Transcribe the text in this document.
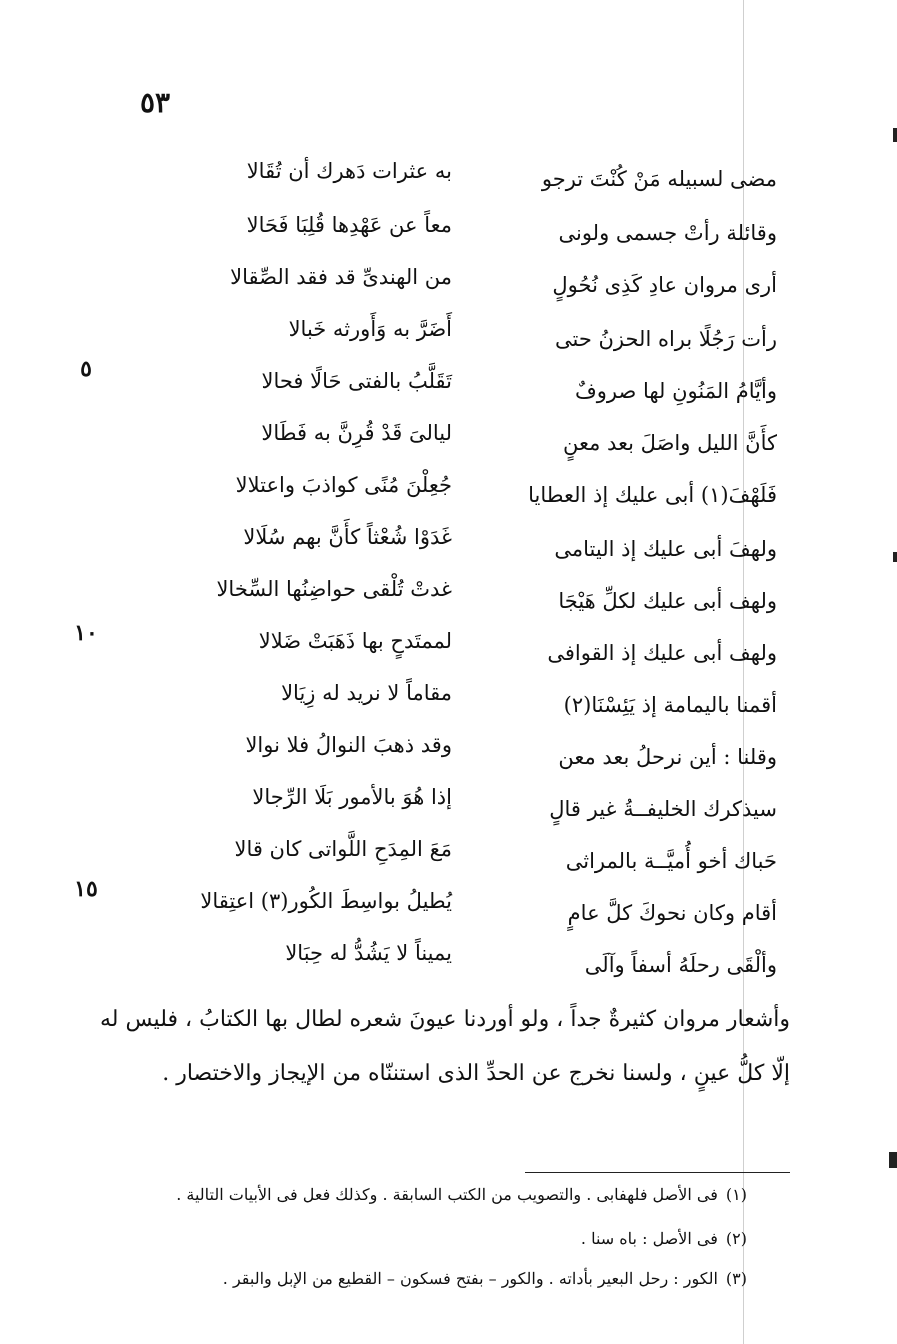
٥٣
٥
١٠
١٥
مضى لسبيله مَنْ كُنْتَ ترجو
به عثرات دَهرك أن تُقَالا
وقائلة رأتْ جسمى ولونى
معاً عن عَهْدِها قُلِبَا فَحَالا
أرى مروان عادِ كَذِى نُحُولٍ
من الهندىِّ قد فقد الصِّقالا
رأت رَجُلًا براه الحزنُ حتى
أَضَرَّ به وَأَورثه خَبالا
وأيَّامُ المَنُونِ لها صروفٌ
تَقَلَّبُ بالفتى حَالًا فحالا
كأَنَّ الليل واصَلَ بعد معنٍ
ليالىَ قَدْ قُرِنَّ به فَطَالا
فَلَهْفَ(١) أبى عليك إذ العطايا
جُعِلْنَ مُنًى كواذبَ واعتلالا
ولهفَ أبى عليك إذ اليتامى
غَدَوْا شُعْثاً كأَنَّ بهم سُلَالا
ولهف أبى عليك لكلِّ هَيْجَا
غدتْ تُلْقى حواضِنُها السِّخالا
ولهف أبى عليك إذ القوافى
لممتَدحٍ بها ذَهَبَتْ ضَلالا
أقمنا باليمامة إذ يَئِسْنَا(٢)
مقاماً لا نريد له زِيَالا
وقلنا : أين نرحلُ بعد معن
وقد ذهبَ النوالُ فلا نوالا
سيذكرك الخليفــةُ غير قالٍ
إذا هُوَ بالأمور بَلَا الرِّجالا
حَباك أخو أُميَّــة بالمراثى
مَعَ المِدَحِ اللَّواتى كان قالا
أقام وكان نحوكَ كلَّ عامٍ
يُطيلُ بواسِطَ الكُور(٣) اعتِقالا
وألْقَى رحلَهُ أسفاً وآلَى
يميناً لا يَشُدُّ له حِبَالا
وأشعار مروان كثيرةٌ جداً ، ولو أوردنا عيونَ شعره لطال بها الكتابُ ، فليس له إلّا كلُّ عينٍ ، ولسنا نخرج عن الحدِّ الذى استننّاه من الإيجاز والاختصار .
(١)فى الأصل فلهفابى . والتصويب من الكتب السابقة . وكذلك فعل فى الأبيات التالية .
(٢)فى الأصل : باه سنا .
(٣)الكور : رحل البعير بأداته . والكور – بفتح فسكون – القطيع من الإبل والبقر .
